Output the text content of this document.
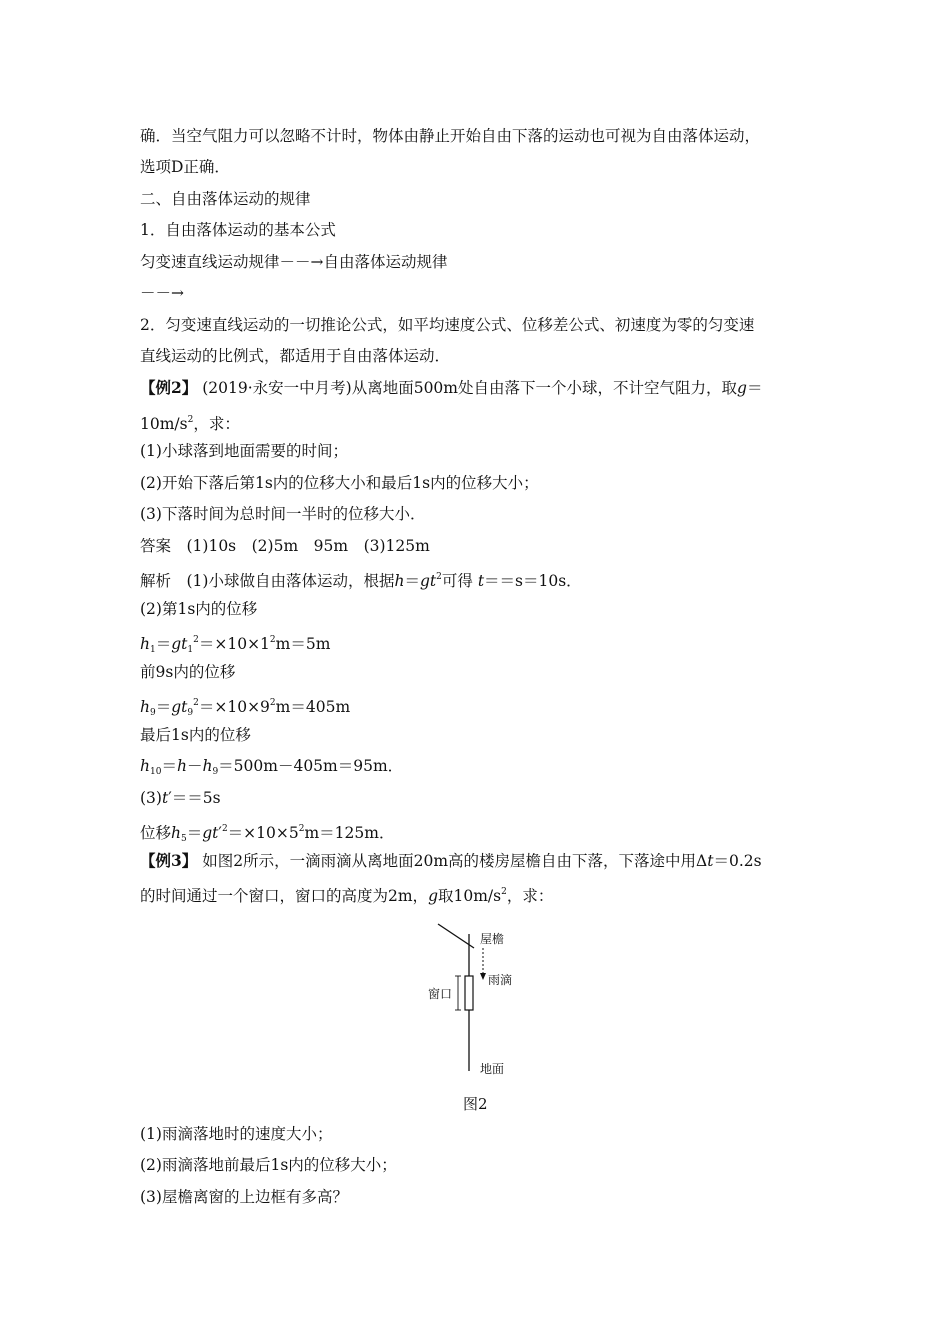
确．当空气阻力可以忽略不计时，物体由静止开始自由下落的运动也可视为自由落体运动，
选项D正确．
二、自由落体运动的规律
1．自由落体运动的基本公式
匀变速直线运动规律－－→自由落体运动规律
－－→
2．匀变速直线运动的一切推论公式，如平均速度公式、位移差公式、初速度为零的匀变速
直线运动的比例式，都适用于自由落体运动．
【例2】 (2019·永安一中月考)从离地面500m处自由落下一个小球，不计空气阻力，取g＝
$10m/s^2$，求：
(1)小球落到地面需要的时间；
(2)开始下落后第1s内的位移大小和最后1s内的位移大小；
(3)下落时间为总时间一半时的位移大小．
答案　(1)10s　(2)5m　95m　(3)125m
解析　(1)小球做自由落体运动，根据$h=gt^2$可得 t＝＝s＝10s．
(2)第1s内的位移
$h_1=gt_1^2=\times 10\times 1^2m=5m$
前9s内的位移
$h_9=gt_9^2=\times 10\times 9^2m=405m$
最后1s内的位移
$h_{10}=h-h_9=500m-405m=95m$．
(3)t′＝＝5s
位移$h_5=gt'^2=\times 10\times 5^2m=125m$．
【例3】 如图2所示，一滴雨滴从离地面20m高的楼房屋檐自由下落，下落途中用Δt＝0.2s
的时间通过一个窗口，窗口的高度为2m，g取$10m/s^2$，求：
屋檐
雨滴
窗口
地面
图2
(1)雨滴落地时的速度大小；
(2)雨滴落地前最后1s内的位移大小；
(3)屋檐离窗的上边框有多高？
